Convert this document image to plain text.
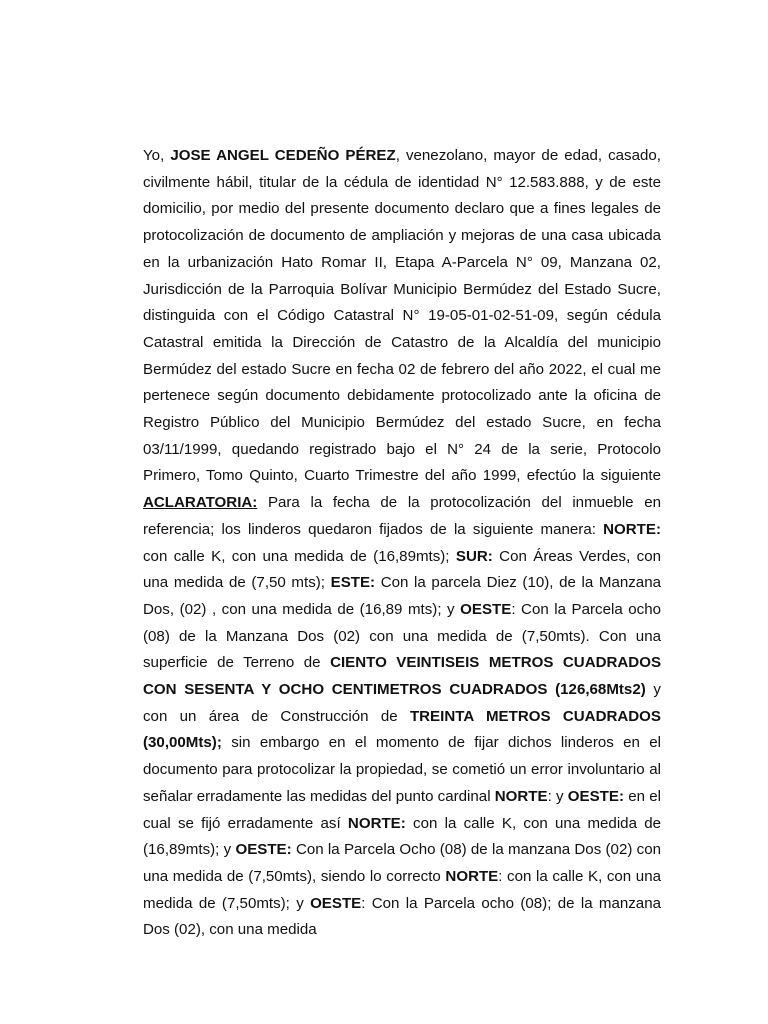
Yo, JOSE ANGEL CEDEÑO PÉREZ, venezolano, mayor de edad, casado, civilmente hábil, titular de la cédula de identidad N° 12.583.888, y de este domicilio, por medio del presente documento declaro que a fines legales de protocolización de documento de ampliación y mejoras de una casa ubicada en la urbanización Hato Romar II, Etapa A-Parcela N° 09, Manzana 02, Jurisdicción de la Parroquia Bolívar Municipio Bermúdez del Estado Sucre, distinguida con el Código Catastral N° 19-05-01-02-51-09, según cédula Catastral emitida la Dirección de Catastro de la Alcaldía del municipio Bermúdez del estado Sucre en fecha 02 de febrero del año 2022, el cual me pertenece según documento debidamente protocolizado ante la oficina de Registro Público del Municipio Bermúdez del estado Sucre, en fecha 03/11/1999, quedando registrado bajo el N° 24 de la serie, Protocolo Primero, Tomo Quinto, Cuarto Trimestre del año 1999, efectúo la siguiente ACLARATORIA: Para la fecha de la protocolización del inmueble en referencia; los linderos quedaron fijados de la siguiente manera: NORTE: con calle K, con una medida de (16,89mts); SUR: Con Áreas Verdes, con una medida de (7,50 mts); ESTE: Con la parcela Diez (10), de la Manzana Dos, (02) , con una medida de (16,89 mts); y OESTE: Con la Parcela ocho (08) de la Manzana Dos (02) con una medida de (7,50mts). Con una superficie de Terreno de CIENTO VEINTISEIS METROS CUADRADOS CON SESENTA Y OCHO CENTIMETROS CUADRADOS (126,68Mts2) y con un área de Construcción de TREINTA METROS CUADRADOS (30,00Mts); sin embargo en el momento de fijar dichos linderos en el documento para protocolizar la propiedad, se cometió un error involuntario al señalar erradamente las medidas del punto cardinal NORTE: y OESTE: en el cual se fijó erradamente así NORTE: con la calle K, con una medida de (16,89mts); y OESTE: Con la Parcela Ocho (08) de la manzana Dos (02) con una medida de (7,50mts), siendo lo correcto NORTE: con la calle K, con una medida de (7,50mts); y OESTE: Con la Parcela ocho (08); de la manzana Dos (02), con una medida
